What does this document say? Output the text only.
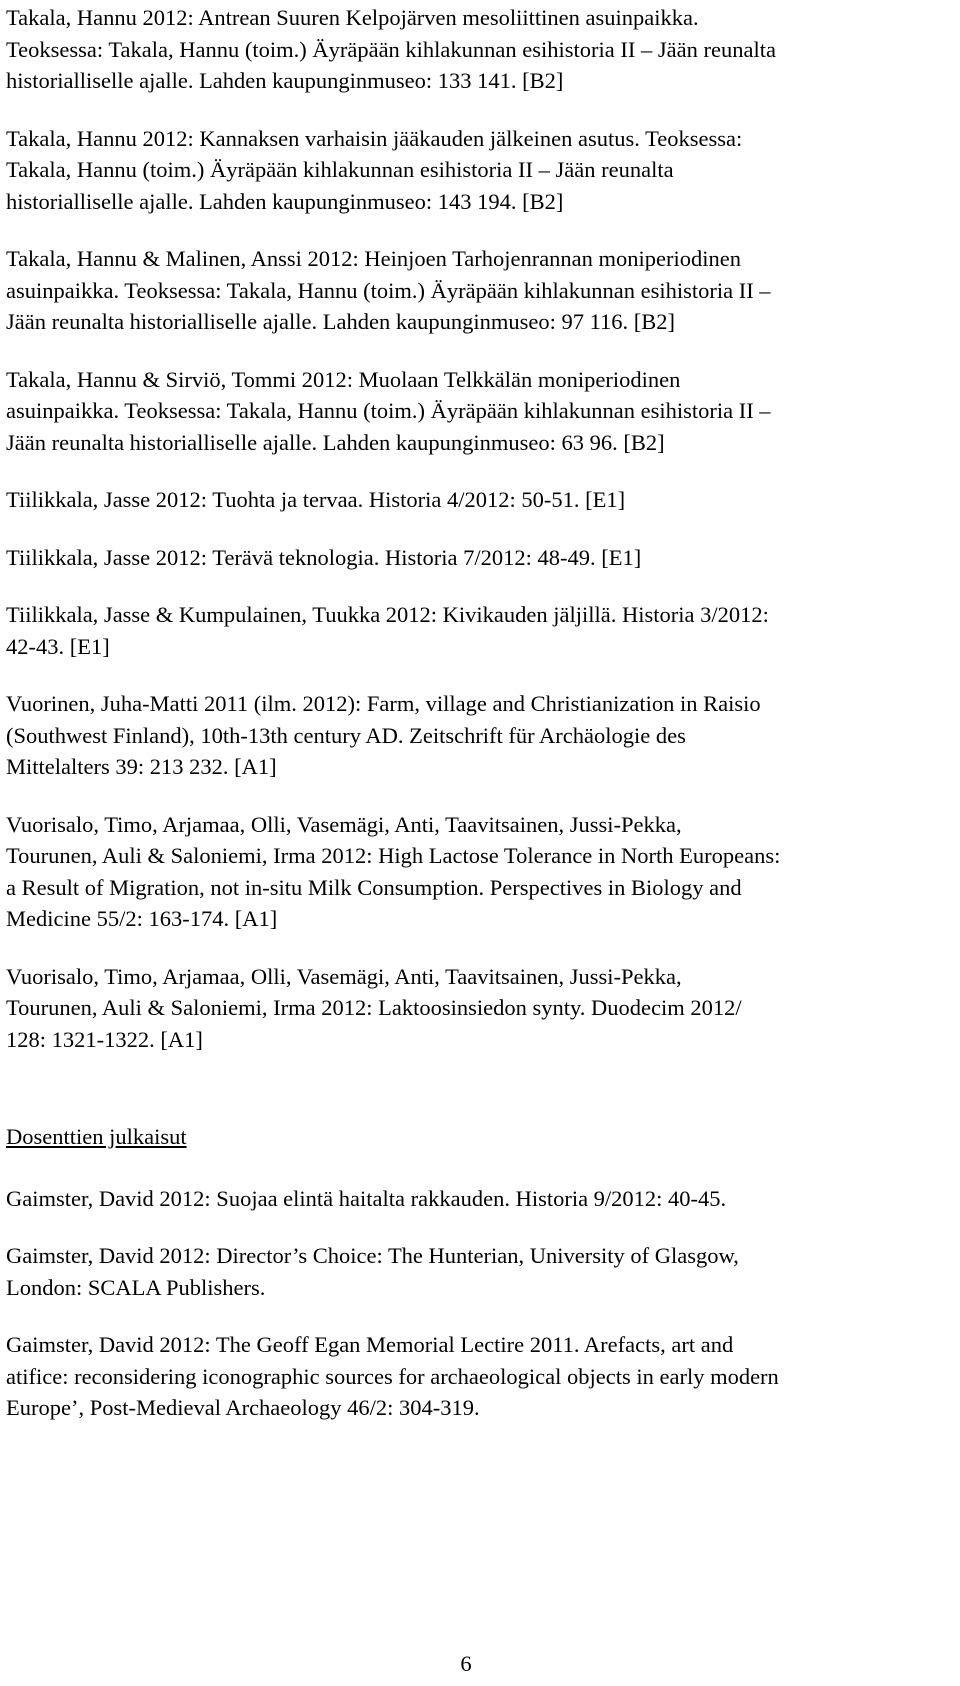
Takala, Hannu 2012: Antrean Suuren Kelpojärven mesoliittinen asuinpaikka.
Teoksessa: Takala, Hannu (toim.) Äyräpään kihlakunnan esihistoria II – Jään reunalta
historialliselle ajalle. Lahden kaupunginmuseo: 133 141. [B2]
Takala, Hannu 2012: Kannaksen varhaisin jääkauden jälkeinen asutus. Teoksessa:
Takala, Hannu (toim.) Äyräpään kihlakunnan esihistoria II – Jään reunalta
historialliselle ajalle. Lahden kaupunginmuseo: 143 194. [B2]
Takala, Hannu & Malinen, Anssi 2012: Heinjoen Tarhojenrannan moniperiodinen
asuinpaikka. Teoksessa: Takala, Hannu (toim.) Äyräpään kihlakunnan esihistoria II –
Jään reunalta historialliselle ajalle. Lahden kaupunginmuseo: 97 116. [B2]
Takala, Hannu & Sirviö, Tommi 2012: Muolaan Telkkälän moniperiodinen
asuinpaikka. Teoksessa: Takala, Hannu (toim.) Äyräpään kihlakunnan esihistoria II –
Jään reunalta historialliselle ajalle. Lahden kaupunginmuseo: 63 96. [B2]
Tiilikkala, Jasse 2012: Tuohta ja tervaa. Historia 4/2012: 50-51. [E1]
Tiilikkala, Jasse 2012: Terävä teknologia. Historia 7/2012: 48-49. [E1]
Tiilikkala, Jasse & Kumpulainen, Tuukka 2012: Kivikauden jäljillä. Historia 3/2012:
42-43. [E1]
Vuorinen, Juha-Matti 2011 (ilm. 2012): Farm, village and Christianization in Raisio
(Southwest Finland), 10th-13th century AD. Zeitschrift für Archäologie des
Mittelalters 39: 213 232. [A1]
Vuorisalo, Timo, Arjamaa, Olli, Vasemägi, Anti, Taavitsainen, Jussi-Pekka,
Tourunen, Auli & Saloniemi, Irma 2012: High Lactose Tolerance in North Europeans:
a Result of Migration, not in-situ Milk Consumption. Perspectives in Biology and
Medicine 55/2: 163-174. [A1]
Vuorisalo, Timo, Arjamaa, Olli, Vasemägi, Anti, Taavitsainen, Jussi-Pekka,
Tourunen, Auli & Saloniemi, Irma 2012: Laktoosinsiedon synty. Duodecim 2012/
128: 1321-1322. [A1]
Dosenttien julkaisut
Gaimster, David 2012: Suojaa elintä haitalta rakkauden. Historia 9/2012: 40-45.
Gaimster, David 2012: Director’s Choice: The Hunterian, University of Glasgow,
London: SCALA Publishers.
Gaimster, David 2012: The Geoff Egan Memorial Lectire 2011. Arefacts, art and
atifice: reconsidering iconographic sources for archaeological objects in early modern
Europe’, Post-Medieval Archaeology 46/2: 304-319.
6
